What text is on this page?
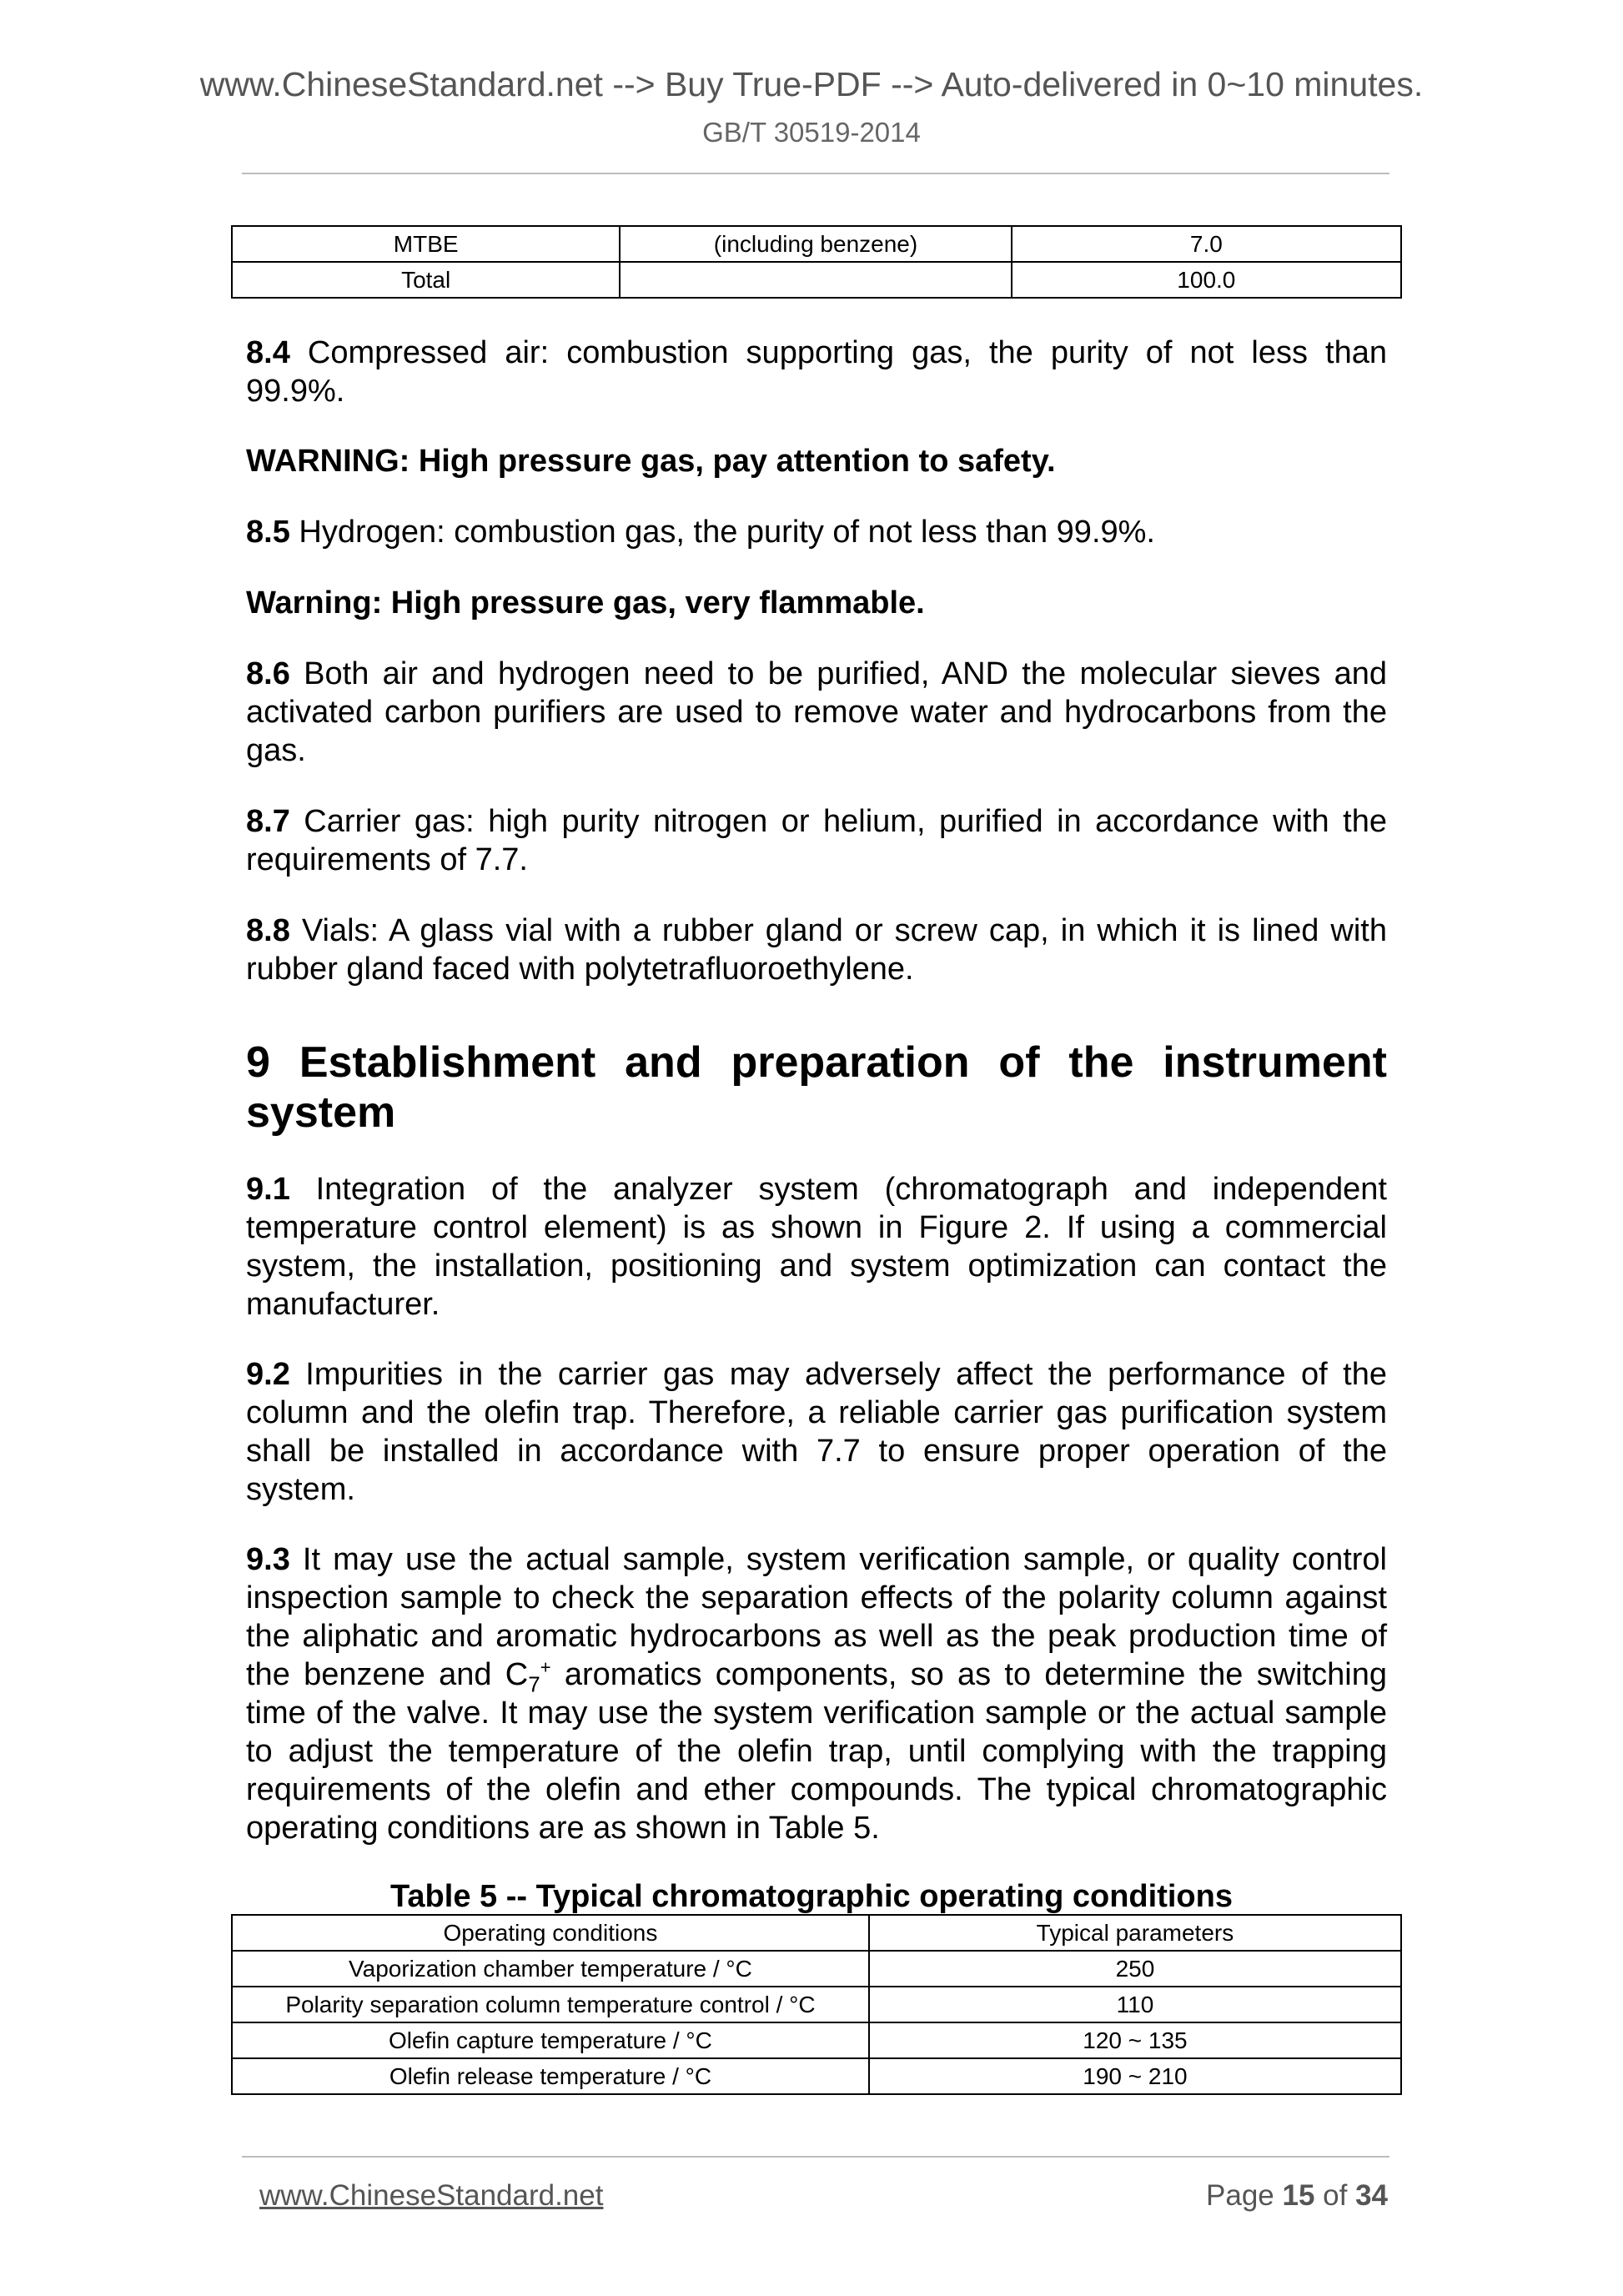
www.ChineseStandard.net --> Buy True-PDF --> Auto-delivered in 0~10 minutes.
GB/T 30519-2014
MTBE	(including benzene)	7.0
Total		100.0
8.4 Compressed air: combustion supporting gas, the purity of not less than 99.9%.
WARNING: High pressure gas, pay attention to safety.
8.5 Hydrogen: combustion gas, the purity of not less than 99.9%.
Warning: High pressure gas, very flammable.
8.6 Both air and hydrogen need to be purified, AND the molecular sieves and activated carbon purifiers are used to remove water and hydrocarbons from the gas.
8.7 Carrier gas: high purity nitrogen or helium, purified in accordance with the requirements of 7.7.
8.8 Vials: A glass vial with a rubber gland or screw cap, in which it is lined with rubber gland faced with polytetrafluoroethylene.
9 Establishment and preparation of the instrument system
9.1 Integration of the analyzer system (chromatograph and independent temperature control element) is as shown in Figure 2. If using a commercial system, the installation, positioning and system optimization can contact the manufacturer.
9.2 Impurities in the carrier gas may adversely affect the performance of the column and the olefin trap. Therefore, a reliable carrier gas purification system shall be installed in accordance with 7.7 to ensure proper operation of the system.
9.3 It may use the actual sample, system verification sample, or quality control inspection sample to check the separation effects of the polarity column against the aliphatic and aromatic hydrocarbons as well as the peak production time of the benzene and $C_7^+$ aromatics components, so as to determine the switching time of the valve. It may use the system verification sample or the actual sample to adjust the temperature of the olefin trap, until complying with the trapping requirements of the olefin and ether compounds. The typical chromatographic operating conditions are as shown in Table 5.
Table 5 -- Typical chromatographic operating conditions
Operating conditions	Typical parameters
Vaporization chamber temperature / °C	250
Polarity separation column temperature control / °C	110
Olefin capture temperature / °C	120 ~ 135
Olefin release temperature / °C	190 ~ 210
www.ChineseStandard.net	Page 15 of 34
